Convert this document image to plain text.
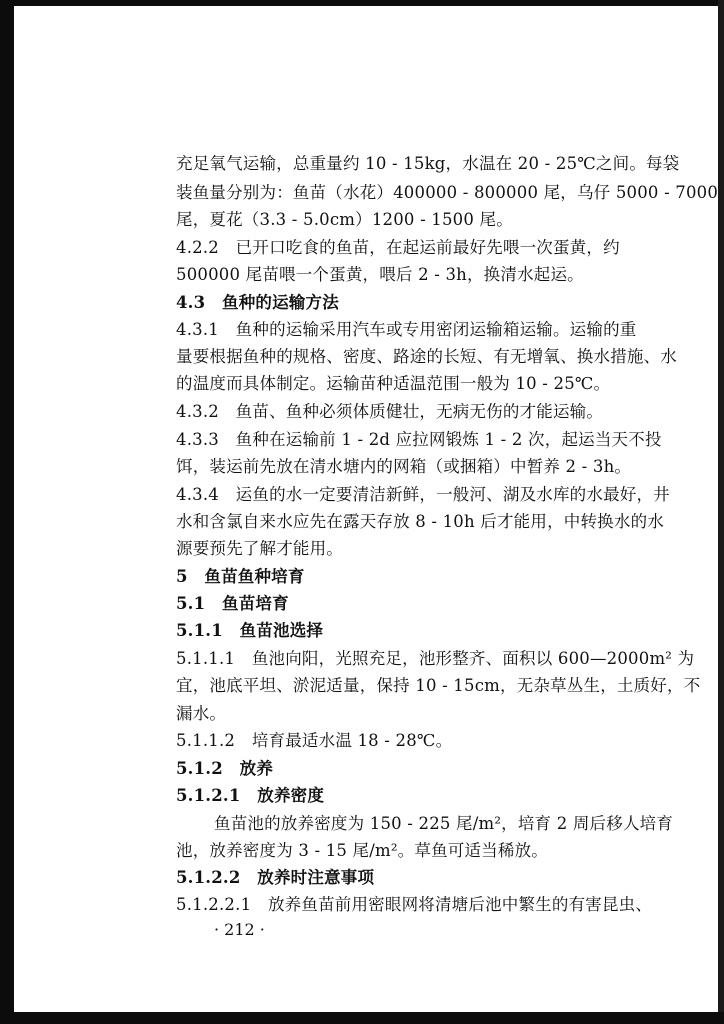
充足氧气运输，总重量约 10 - 15kg，水温在 20 - 25℃之间。每袋
装鱼量分别为：鱼苗（水花）400000 - 800000 尾，乌仔 5000 - 7000
尾，夏花（3.3 - 5.0cm）1200 - 1500 尾。
4.2.2　已开口吃食的鱼苗，在起运前最好先喂一次蛋黄，约
500000 尾苗喂一个蛋黄，喂后 2 - 3h，换清水起运。
4.3　鱼种的运输方法
4.3.1　鱼种的运输采用汽车或专用密闭运输箱运输。运输的重
量要根据鱼种的规格、密度、路途的长短、有无增氧、换水措施、水
的温度而具体制定。运输苗种适温范围一般为 10 - 25℃。
4.3.2　鱼苗、鱼种必须体质健壮，无病无伤的才能运输。
4.3.3　鱼种在运输前 1 - 2d 应拉网锻炼 1 - 2 次，起运当天不投
饵，装运前先放在清水塘内的网箱（或捆箱）中暂养 2 - 3h。
4.3.4　运鱼的水一定要清洁新鲜，一般河、湖及水库的水最好，井
水和含氯自来水应先在露天存放 8 - 10h 后才能用，中转换水的水
源要预先了解才能用。
5　鱼苗鱼种培育
5.1　鱼苗培育
5.1.1　鱼苗池选择
5.1.1.1　鱼池向阳，光照充足，池形整齐、面积以 600—2000m² 为
宜，池底平坦、淤泥适量，保持 10 - 15cm，无杂草丛生，土质好，不
漏水。
5.1.1.2　培育最适水温 18 - 28℃。
5.1.2　放养
5.1.2.1　放养密度
鱼苗池的放养密度为 150 - 225 尾/m²，培育 2 周后移人培育
池，放养密度为 3 - 15 尾/m²。草鱼可适当稀放。
5.1.2.2　放养时注意事项
5.1.2.2.1　放养鱼苗前用密眼网将清塘后池中繁生的有害昆虫、
· 212 ·
